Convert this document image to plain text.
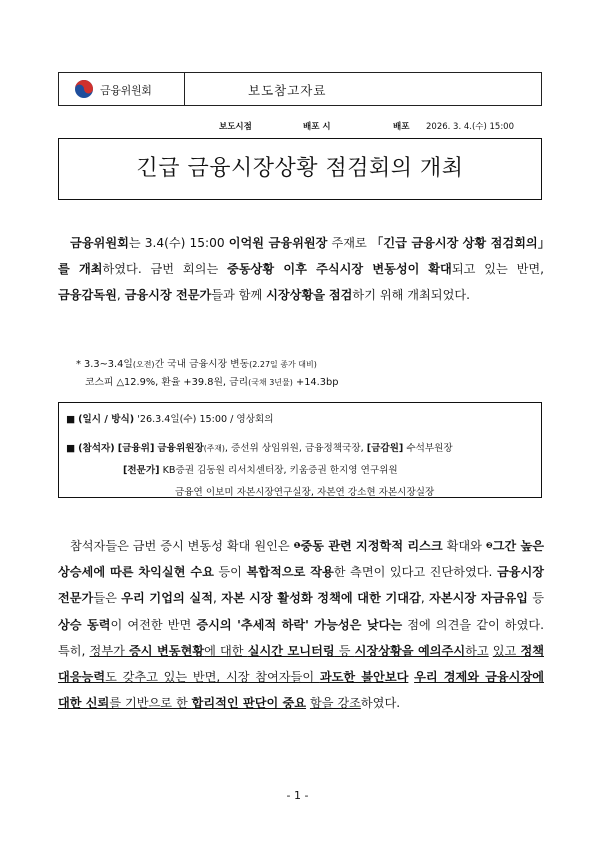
금융위원회	보도참고자료
보도시점	배포 시	배포 2026. 3. 4.(수) 15:00
긴급 금융시장상황 점검회의 개최
금융위원회는 3.4(수) 15:00 이억원 금융위원장 주재로 「긴급 금융시장 상황 점검회의」를 개최하였다. 금번 회의는 중동상황 이후 주식시장 변동성이 확대되고 있는 반면, 금융감독원, 금융시장 전문가들과 함께 시장상황을 점검하기 위해 개최되었다.
* 3.3~3.4일(오전)간 국내 금융시장 변동(2.27일 종가 대비)
코스피 △12.9%, 환율 +39.8원, 금리(국채 3년물) +14.3bp
■ (일시 / 방식) '26.3.4일(수) 15:00 / 영상회의
■ (참석자) [금융위] 금융위원장(주재), 증선위 상임위원, 금융정책국장, [금감원] 수석부원장
[전문가] KB증권 김동원 리서치센터장, 키움증권 한지영 연구위원
금융연 이보미 자본시장연구실장, 자본연 강소현 자본시장실장
참석자들은 금번 증시 변동성 확대 원인은 $^❶$중동 관련 지정학적 리스크 확대와 $^❷$그간 높은 상승세에 따른 차익실현 수요 등이 복합적으로 작용한 측면이 있다고 진단하였다. 금융시장 전문가들은 우리 기업의 실적, 자본 시장 활성화 정책에 대한 기대감, 자본시장 자금유입 등 상승 동력이 여전한 반면 증시의 '추세적 하락' 가능성은 낮다는 점에 의견을 같이 하였다. 특히, 정부가 증시 변동현황에 대한 실시간 모니터링 등 시장상황을 예의주시하고 있고 정책 대응능력도 갖추고 있는 반면, 시장 참여자들이 과도한 불안보다 우리 경제와 금융시장에 대한 신뢰를 기반으로 한 합리적인 판단이 중요 함을 강조하였다.
- 1 -
